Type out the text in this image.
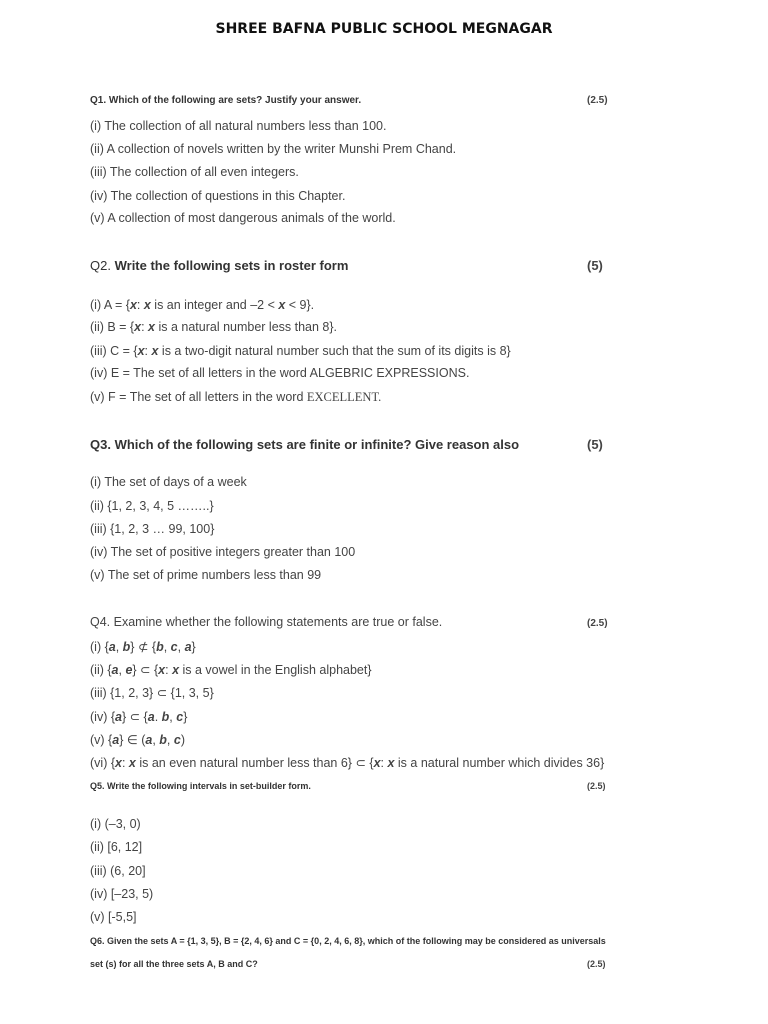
SHREE BAFNA PUBLIC SCHOOL MEGNAGAR
Q1. Which of the following are sets? Justify your answer.	(2.5)
(i) The collection of all natural numbers less than 100.
(ii) A collection of novels written by the writer Munshi Prem Chand.
(iii) The collection of all even integers.
(iv) The collection of questions in this Chapter.
(v) A collection of most dangerous animals of the world.
Q2. Write the following sets in roster form	(5)
(i) A = {x: x is an integer and –2 < x < 9}.
(ii) B = {x: x is a natural number less than 8}.
(iii) C = {x: x is a two-digit natural number such that the sum of its digits is 8}
(iv) E = The set of all letters in the word ALGEBRIC EXPRESSIONS.
(v) F = The set of all letters in the word EXCELLENT.
Q3. Which of the following sets are finite or infinite? Give reason also	(5)
(i) The set of days of a week
(ii) {1, 2, 3, 4, 5 ……..}
(iii) {1, 2, 3 … 99, 100}
(iv) The set of positive integers greater than 100
(v) The set of prime numbers less than 99
Q4. Examine whether the following statements are true or false.	(2.5)
(i) {a, b} ⊄ {b, c, a}
(ii) {a, e} ⊂ {x: x is a vowel in the English alphabet}
(iii) {1, 2, 3} ⊂ {1, 3, 5}
(iv) {a} ⊂ {a. b, c}
(v) {a} ∈ (a, b, c)
(vi) {x: x is an even natural number less than 6} ⊂ {x: x is a natural number which divides 36}
Q5. Write the following intervals in set-builder form.	(2.5)
(i) (–3, 0)
(ii) [6, 12]
(iii) (6, 20]
(iv) [–23, 5)
(v) [-5,5]
Q6. Given the sets A = {1, 3, 5}, B = {2, 4, 6} and C = {0, 2, 4, 6, 8}, which of the following may be considered as universals
set (s) for all the three sets A, B and C?	(2.5)
